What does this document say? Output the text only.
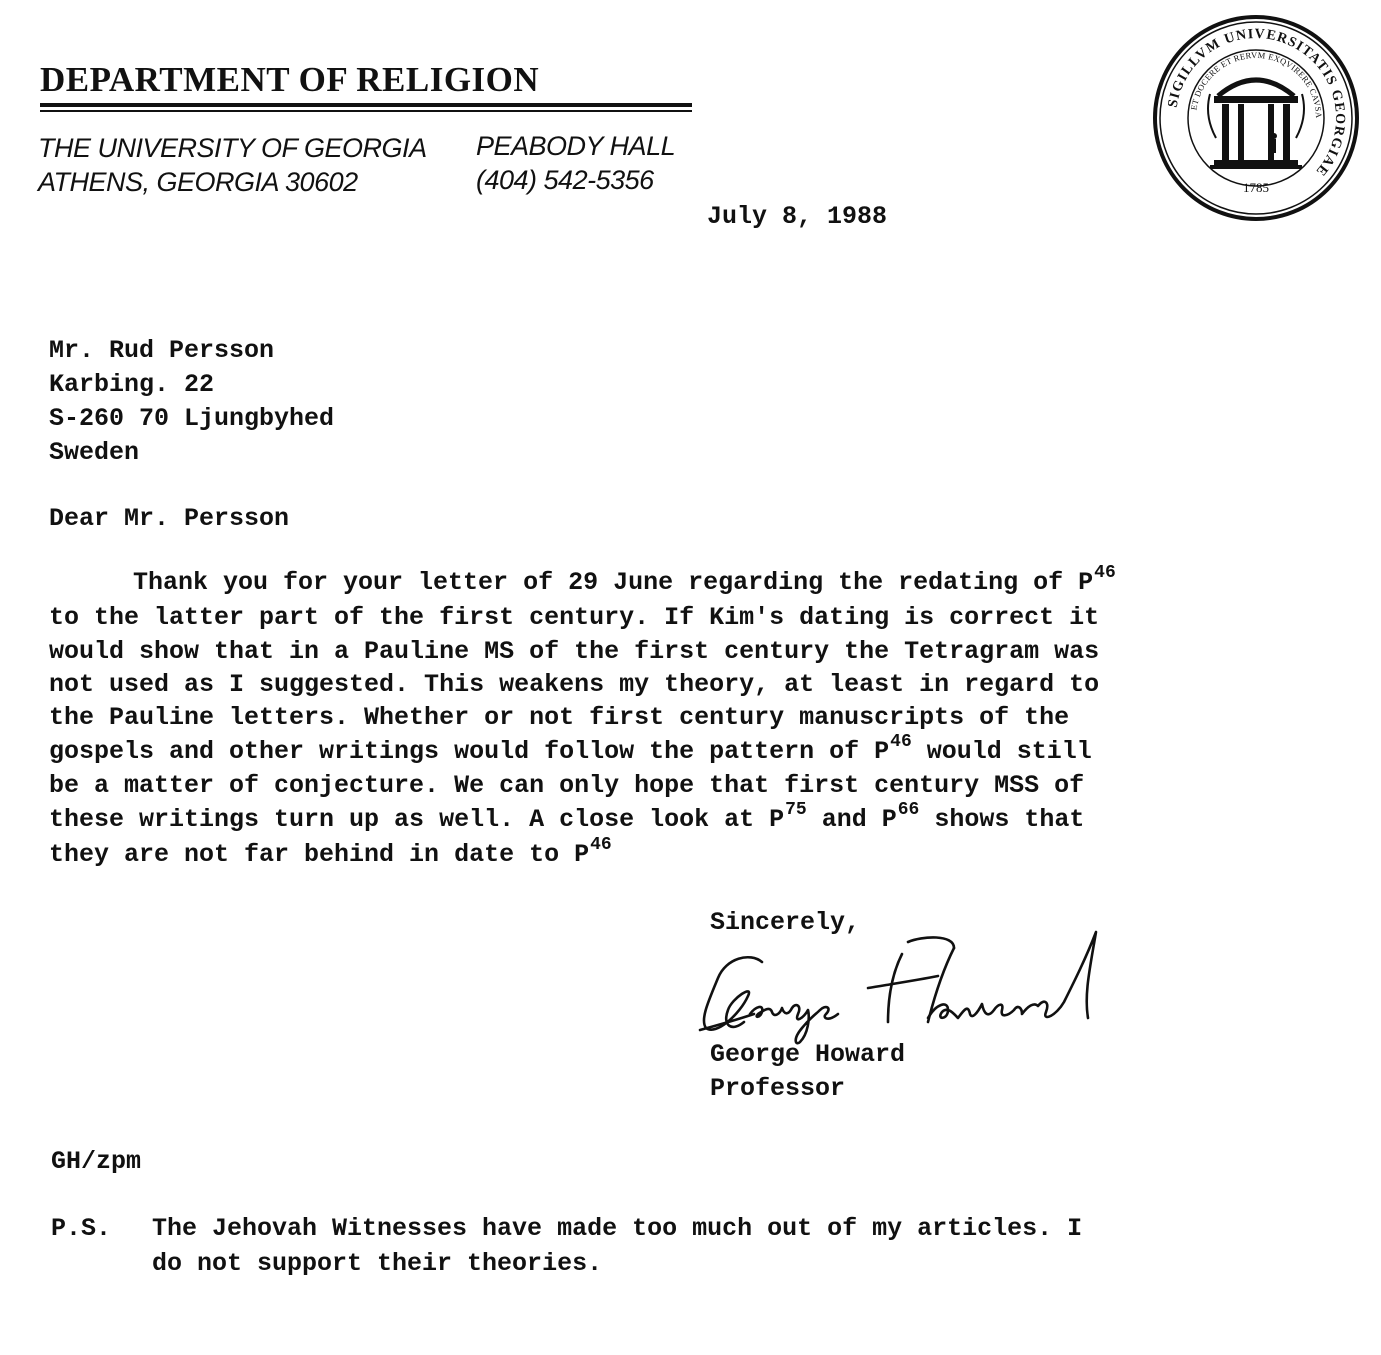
DEPARTMENT OF RELIGION
THE UNIVERSITY OF GEORGIA
ATHENS, GEORGIA 30602
PEABODY HALL
(404) 542-5356
SIGILLVM UNIVERSITATIS GEORGIAE
ET DOCERE ET RERVM EXQVIRERE CAVSA
1785
July 8, 1988
Mr. Rud Persson
Karbing. 22
S-260 70 Ljungbyhed
Sweden
Dear Mr. Persson
Thank you for your letter of 29 June regarding the redating of $P^{46}$
to the latter part of the first century. If Kim's dating is correct it
would show that in a Pauline MS of the first century the Tetragram was
not used as I suggested. This weakens my theory, at least in regard to
the Pauline letters. Whether or not first century manuscripts of the
gospels and other writings would follow the pattern of $P^{46}$ would still
be a matter of conjecture. We can only hope that first century MSS of
these writings turn up as well. A close look at $P^{75}$ and $P^{66}$ shows that
they are not far behind in date to $P^{46}$
Sincerely,
George Howard
Professor
GH/zpm
P.S. The Jehovah Witnesses have made too much out of my articles. I
do not support their theories.
